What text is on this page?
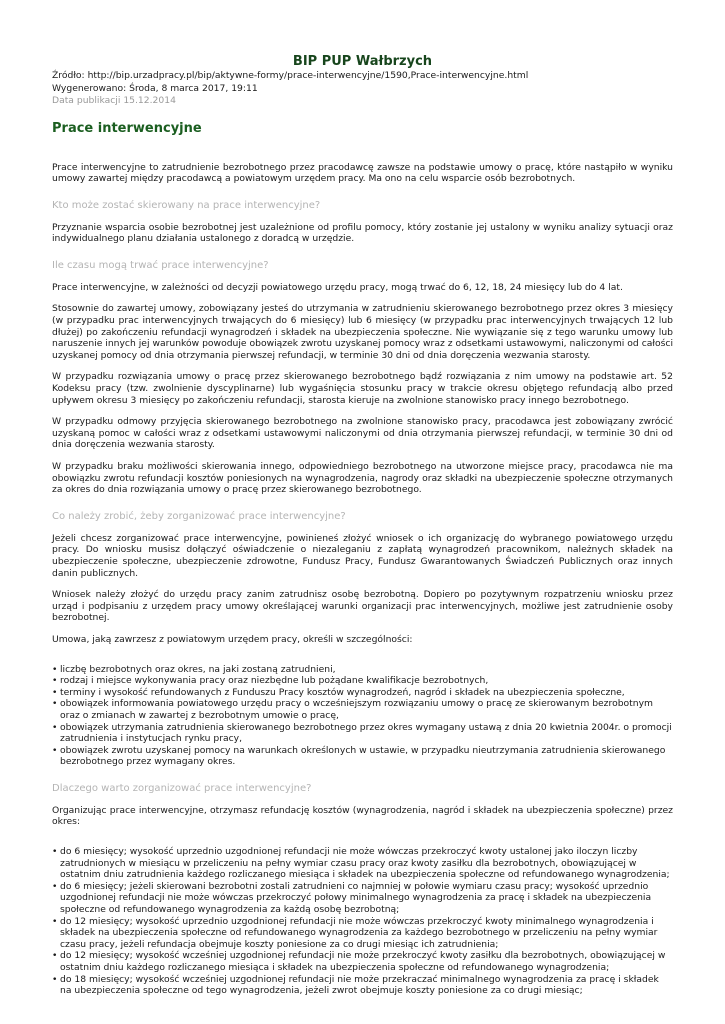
BIP PUP Wałbrzych
Źródło: http://bip.urzadpracy.pl/bip/aktywne-formy/prace-interwencyjne/1590,Prace-interwencyjne.html
Wygenerowano: Środa, 8 marca 2017, 19:11
Data publikacji 15.12.2014
Prace interwencyjne

Prace interwencyjne to zatrudnienie bezrobotnego przez pracodawcę zawsze na podstawie umowy o pracę, które nastąpiło w wyniku umowy zawartej między pracodawcą a powiatowym urzędem pracy. Ma ono na celu wsparcie osób bezrobotnych.

Kto może zostać skierowany na prace interwencyjne?

Przyznanie wsparcia osobie bezrobotnej jest uzależnione od profilu pomocy, który zostanie jej ustalony w wyniku analizy sytuacji oraz indywidualnego planu działania ustalonego z doradcą w urzędzie.

Ile czasu mogą trwać prace interwencyjne?

Prace interwencyjne, w zależności od decyzji powiatowego urzędu pracy, mogą trwać do 6, 12, 18, 24 miesięcy lub do 4 lat.

Stosownie do zawartej umowy, zobowiązany jesteś do utrzymania w zatrudnieniu skierowanego bezrobotnego przez okres 3 miesięcy (w przypadku prac interwencyjnych trwających do 6 miesięcy) lub 6 miesięcy (w przypadku prac interwencyjnych trwających 12 lub dłużej) po zakończeniu refundacji wynagrodzeń i składek na ubezpieczenia społeczne. Nie wywiązanie się z tego warunku umowy lub naruszenie innych jej warunków powoduje obowiązek zwrotu uzyskanej pomocy wraz z odsetkami ustawowymi, naliczonymi od całości uzyskanej pomocy od dnia otrzymania pierwszej refundacji, w terminie 30 dni od dnia doręczenia wezwania starosty.

W przypadku rozwiązania umowy o pracę przez skierowanego bezrobotnego bądź rozwiązania z nim umowy na podstawie art. 52 Kodeksu pracy (tzw. zwolnienie dyscyplinarne) lub wygaśnięcia stosunku pracy w trakcie okresu objętego refundacją albo przed upływem okresu 3 miesięcy po zakończeniu refundacji, starosta kieruje na zwolnione stanowisko pracy innego bezrobotnego.

W przypadku odmowy przyjęcia skierowanego bezrobotnego na zwolnione stanowisko pracy, pracodawca jest zobowiązany zwrócić uzyskaną pomoc w całości wraz z odsetkami ustawowymi naliczonymi od dnia otrzymania pierwszej refundacji, w terminie 30 dni od dnia doręczenia wezwania starosty.

W przypadku braku możliwości skierowania innego, odpowiedniego bezrobotnego na utworzone miejsce pracy, pracodawca nie ma obowiązku zwrotu refundacji kosztów poniesionych na wynagrodzenia, nagrody oraz składki na ubezpieczenie społeczne otrzymanych za okres do dnia rozwiązania umowy o pracę przez skierowanego bezrobotnego.

Co należy zrobić, żeby zorganizować prace interwencyjne?

Jeżeli chcesz zorganizować prace interwencyjne, powinieneś złożyć wniosek o ich organizację do wybranego powiatowego urzędu pracy. Do wniosku musisz dołączyć oświadczenie o niezaleganiu z zapłatą wynagrodzeń pracownikom, należnych składek na ubezpieczenie społeczne, ubezpieczenie zdrowotne, Fundusz Pracy, Fundusz Gwarantowanych Świadczeń Publicznych oraz innych danin publicznych.

Wniosek należy złożyć do urzędu pracy zanim zatrudnisz osobę bezrobotną. Dopiero po pozytywnym rozpatrzeniu wniosku przez urząd i podpisaniu z urzędem pracy umowy określającej warunki organizacji prac interwencyjnych, możliwe jest zatrudnienie osoby bezrobotnej.

Umowa, jaką zawrzesz z powiatowym urzędem pracy, określi w szczególności:

• liczbę bezrobotnych oraz okres, na jaki zostaną zatrudnieni,
• rodzaj i miejsce wykonywania pracy oraz niezbędne lub pożądane kwalifikacje bezrobotnych,
• terminy i wysokość refundowanych z Funduszu Pracy kosztów wynagrodzeń, nagród i składek na ubezpieczenia społeczne,
• obowiązek informowania powiatowego urzędu pracy o wcześniejszym rozwiązaniu umowy o pracę ze skierowanym bezrobotnym oraz o zmianach w zawartej z bezrobotnym umowie o pracę,
• obowiązek utrzymania zatrudnienia skierowanego bezrobotnego przez okres wymagany ustawą z dnia 20 kwietnia 2004r. o promocji zatrudnienia i instytucjach rynku pracy,
• obowiązek zwrotu uzyskanej pomocy na warunkach określonych w ustawie, w przypadku nieutrzymania zatrudnienia skierowanego bezrobotnego przez wymagany okres.
Dlaczego warto zorganizować prace interwencyjne?

Organizując prace interwencyjne, otrzymasz refundację kosztów (wynagrodzenia, nagród i składek na ubezpieczenia społeczne) przez okres:

• do 6 miesięcy; wysokość uprzednio uzgodnionej refundacji nie może wówczas przekroczyć kwoty ustalonej jako iloczyn liczby zatrudnionych w miesiącu w przeliczeniu na pełny wymiar czasu pracy oraz kwoty zasiłku dla bezrobotnych, obowiązującej w ostatnim dniu zatrudnienia każdego rozliczanego miesiąca i składek na ubezpieczenia społeczne od refundowanego wynagrodzenia;
• do 6 miesięcy; jeżeli skierowani bezrobotni zostali zatrudnieni co najmniej w połowie wymiaru czasu pracy; wysokość uprzednio uzgodnionej refundacji nie może wówczas przekroczyć połowy minimalnego wynagrodzenia za pracę i składek na ubezpieczenia społeczne od refundowanego wynagrodzenia za każdą osobę bezrobotną;
• do 12 miesięcy; wysokość uprzednio uzgodnionej refundacji nie może wówczas przekroczyć kwoty minimalnego wynagrodzenia i składek na ubezpieczenia społeczne od refundowanego wynagrodzenia za każdego bezrobotnego w przeliczeniu na pełny wymiar czasu pracy, jeżeli refundacja obejmuje koszty poniesione za co drugi miesiąc ich zatrudnienia;
• do 12 miesięcy; wysokość wcześniej uzgodnionej refundacji nie może przekroczyć kwoty zasiłku dla bezrobotnych, obowiązującej w ostatnim dniu każdego rozliczanego miesiąca i składek na ubezpieczenia społeczne od refundowanego wynagrodzenia;
• do 18 miesięcy; wysokość wcześniej uzgodnionej refundacji nie może przekraczać minimalnego wynagrodzenia za pracę i składek na ubezpieczenia społeczne od tego wynagrodzenia, jeżeli zwrot obejmuje koszty poniesione za co drugi miesiąc;
